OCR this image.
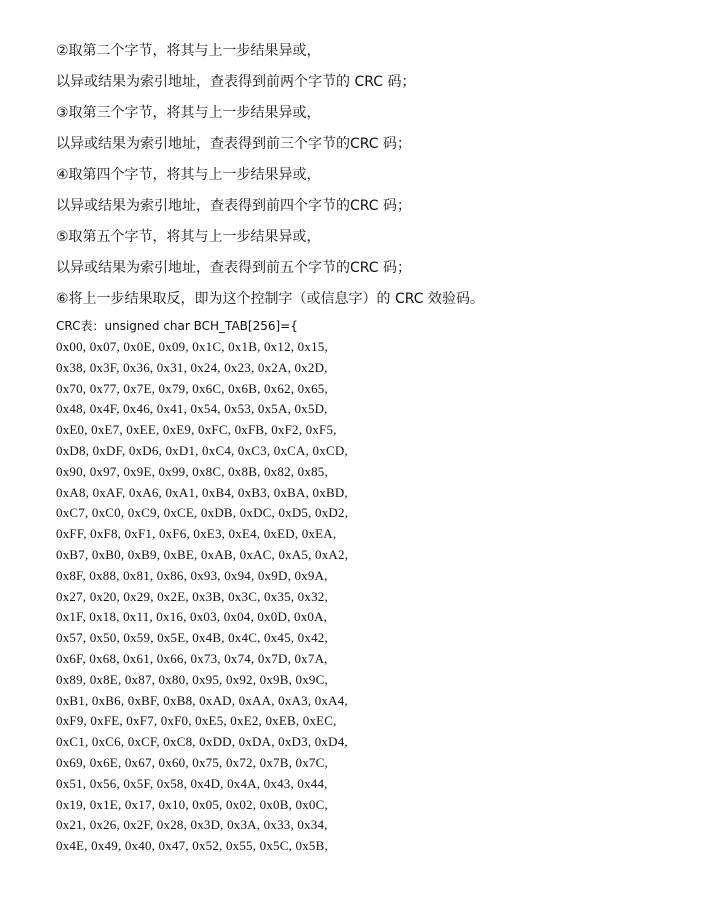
②取第二个字节，将其与上一步结果异或，
以异或结果为索引地址，查表得到前两个字节的 CRC 码；
③取第三个字节，将其与上一步结果异或，
以异或结果为索引地址，查表得到前三个字节的CRC 码；
④取第四个字节，将其与上一步结果异或，
以异或结果为索引地址，查表得到前四个字节的CRC 码；
⑤取第五个字节，将其与上一步结果异或，
以异或结果为索引地址，查表得到前五个字节的CRC 码；
⑥将上一步结果取反，即为这个控制字（或信息字）的 CRC 效验码。
CRC表：unsigned char BCH_TAB[256]={
0x00, 0x07, 0x0E, 0x09, 0x1C, 0x1B, 0x12, 0x15,
0x38, 0x3F, 0x36, 0x31, 0x24, 0x23, 0x2A, 0x2D,
0x70, 0x77, 0x7E, 0x79, 0x6C, 0x6B, 0x62, 0x65,
0x48, 0x4F, 0x46, 0x41, 0x54, 0x53, 0x5A, 0x5D,
0xE0, 0xE7, 0xEE, 0xE9, 0xFC, 0xFB, 0xF2, 0xF5,
0xD8, 0xDF, 0xD6, 0xD1, 0xC4, 0xC3, 0xCA, 0xCD,
0x90, 0x97, 0x9E, 0x99, 0x8C, 0x8B, 0x82, 0x85,
0xA8, 0xAF, 0xA6, 0xA1, 0xB4, 0xB3, 0xBA, 0xBD,
0xC7, 0xC0, 0xC9, 0xCE, 0xDB, 0xDC, 0xD5, 0xD2,
0xFF, 0xF8, 0xF1, 0xF6, 0xE3, 0xE4, 0xED, 0xEA,
0xB7, 0xB0, 0xB9, 0xBE, 0xAB, 0xAC, 0xA5, 0xA2,
0x8F, 0x88, 0x81, 0x86, 0x93, 0x94, 0x9D, 0x9A,
0x27, 0x20, 0x29, 0x2E, 0x3B, 0x3C, 0x35, 0x32,
0x1F, 0x18, 0x11, 0x16, 0x03, 0x04, 0x0D, 0x0A,
0x57, 0x50, 0x59, 0x5E, 0x4B, 0x4C, 0x45, 0x42,
0x6F, 0x68, 0x61, 0x66, 0x73, 0x74, 0x7D, 0x7A,
0x89, 0x8E, 0x87, 0x80, 0x95, 0x92, 0x9B, 0x9C,
0xB1, 0xB6, 0xBF, 0xB8, 0xAD, 0xAA, 0xA3, 0xA4,
0xF9, 0xFE, 0xF7, 0xF0, 0xE5, 0xE2, 0xEB, 0xEC,
0xC1, 0xC6, 0xCF, 0xC8, 0xDD, 0xDA, 0xD3, 0xD4,
0x69, 0x6E, 0x67, 0x60, 0x75, 0x72, 0x7B, 0x7C,
0x51, 0x56, 0x5F, 0x58, 0x4D, 0x4A, 0x43, 0x44,
0x19, 0x1E, 0x17, 0x10, 0x05, 0x02, 0x0B, 0x0C,
0x21, 0x26, 0x2F, 0x28, 0x3D, 0x3A, 0x33, 0x34,
0x4E, 0x49, 0x40, 0x47, 0x52, 0x55, 0x5C, 0x5B,
